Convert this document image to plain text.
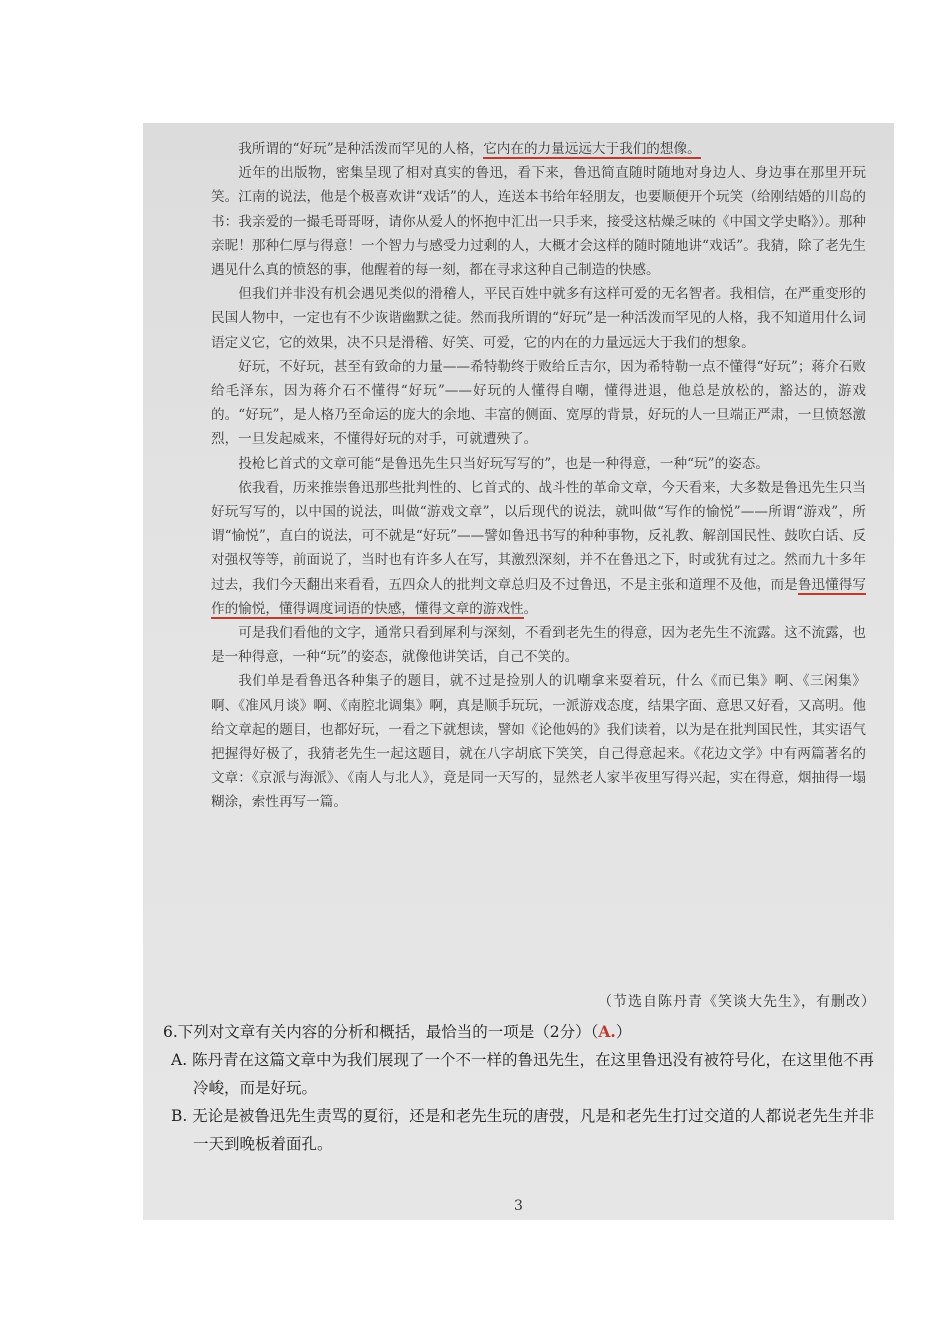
我所谓的“好玩”是种活泼而罕见的人格，它内在的力量远远大于我们的想像。

近年的出版物，密集呈现了相对真实的鲁迅，看下来，鲁迅简直随时随地对身边人、身边事在那里开玩笑。江南的说法，他是个极喜欢讲“戏话”的人，连送本书给年轻朋友，也要顺便开个玩笑（给刚结婚的川岛的书：我亲爱的一撮毛哥哥呀，请你从爱人的怀抱中汇出一只手来，接受这枯燥乏味的《中国文学史略》）。那种亲昵！那种仁厚与得意！一个智力与感受力过剩的人，大概才会这样的随时随地讲“戏话”。我猜，除了老先生遇见什么真的愤怒的事，他醒着的每一刻，都在寻求这种自己制造的快感。

但我们并非没有机会遇见类似的滑稽人，平民百姓中就多有这样可爱的无名智者。我相信，在严重变形的民国人物中，一定也有不少诙谐幽默之徒。然而我所谓的“好玩”是一种活泼而罕见的人格，我不知道用什么词语定义它，它的效果，决不只是滑稽、好笑、可爱，它的内在的力量远远大于我们的想象。

好玩，不好玩，甚至有致命的力量——希特勒终于败给丘吉尔，因为希特勒一点不懂得“好玩”；蒋介石败给毛泽东，因为蒋介石不懂得“好玩”——好玩的人懂得自嘲，懂得进退，他总是放松的，豁达的，游戏的。“好玩”，是人格乃至命运的庞大的余地、丰富的侧面、宽厚的背景，好玩的人一旦端正严肃，一旦愤怒激烈，一旦发起威来，不懂得好玩的对手，可就遭殃了。

投枪匕首式的文章可能“是鲁迅先生只当好玩写写的”，也是一种得意，一种“玩”的姿态。

依我看，历来推崇鲁迅那些批判性的、匕首式的、战斗性的革命文章，今天看来，大多数是鲁迅先生只当好玩写写的，以中国的说法，叫做“游戏文章”，以后现代的说法，就叫做“写作的愉悦”——所谓“游戏”，所谓“愉悦”，直白的说法，可不就是“好玩”——譬如鲁迅书写的种种事物，反礼教、解剖国民性、鼓吹白话、反对强权等等，前面说了，当时也有许多人在写，其激烈深刻，并不在鲁迅之下，时或犹有过之。然而九十多年过去，我们今天翻出来看看，五四众人的批判文章总归及不过鲁迅，不是主张和道理不及他，而是鲁迅懂得写作的愉悦，懂得调度词语的快感，懂得文章的游戏性。

可是我们看他的文字，通常只看到犀利与深刻，不看到老先生的得意，因为老先生不流露。这不流露，也是一种得意，一种“玩”的姿态，就像他讲笑话，自己不笑的。

我们单是看鲁迅各种集子的题目，就不过是捡别人的讥嘲拿来耍着玩，什么《而已集》啊、《三闲集》啊、《准风月谈》啊、《南腔北调集》啊，真是顺手玩玩，一派游戏态度，结果字面、意思又好看，又高明。他给文章起的题目，也都好玩，一看之下就想读，譬如《论他妈的》我们读着，以为是在批判国民性，其实语气把握得好极了，我猜老先生一起这题目，就在八字胡底下笑笑，自己得意起来。《花边文学》中有两篇著名的文章：《京派与海派》、《南人与北人》，竟是同一天写的，显然老人家半夜里写得兴起，实在得意，烟抽得一塌糊涂，索性再写一篇。

（节选自陈丹青《笑谈大先生》，有删改）

6.下列对文章有关内容的分析和概括，最恰当的一项是（2分）（A.）

A. 陈丹青在这篇文章中为我们展现了一个不一样的鲁迅先生，在这里鲁迅没有被符号化，在这里他不再冷峻，而是好玩。

B. 无论是被鲁迅先生责骂的夏衍，还是和老先生玩的唐弢，凡是和老先生打过交道的人都说老先生并非一天到晚板着面孔。

3
